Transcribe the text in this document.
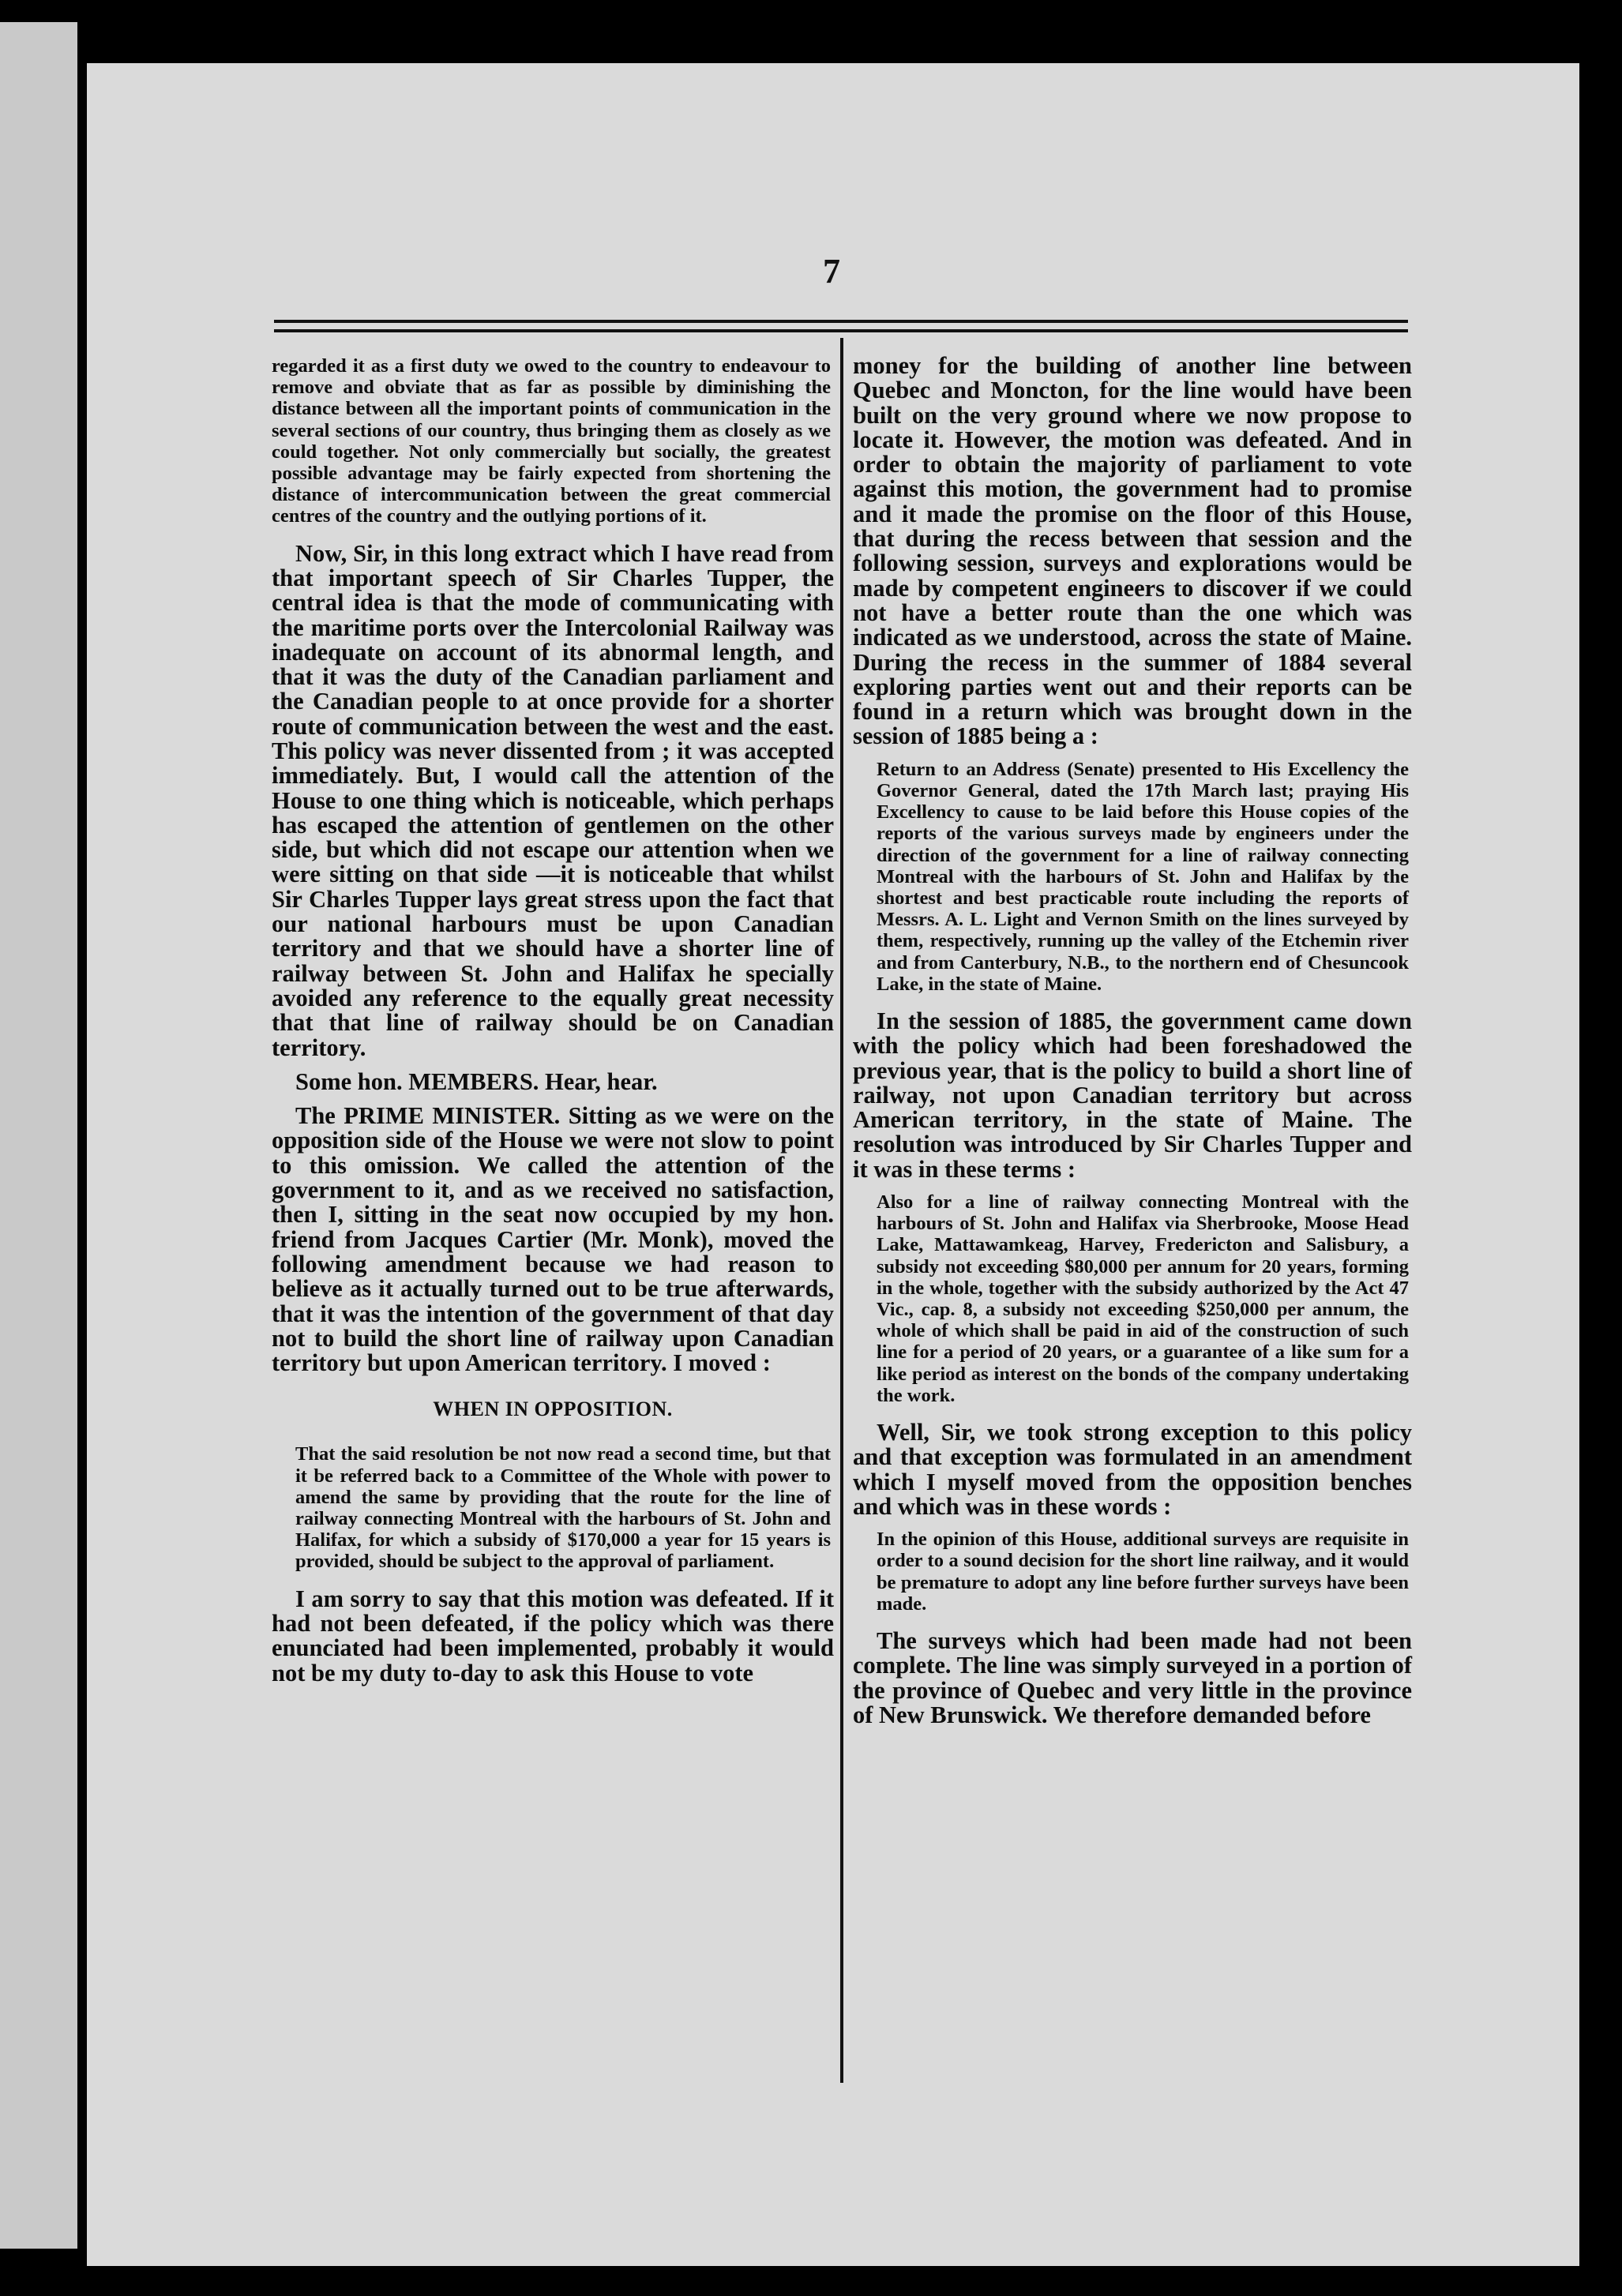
7

regarded it as a first duty we owed to the country to endeavour to remove and obviate that as far as possible by diminishing the distance between all the important points of communication in the several sections of our country, thus bringing them as closely as we could together. Not only commercially but socially, the greatest possible advantage may be fairly expected from shortening the distance of intercommunication between the great commercial centres of the country and the outlying portions of it.

Now, Sir, in this long extract which I have read from that important speech of Sir Charles Tupper, the central idea is that the mode of communicating with the maritime ports over the Intercolonial Railway was inadequate on account of its abnormal length, and that it was the duty of the Canadian parliament and the Canadian people to at once provide for a shorter route of communication between the west and the east. This policy was never dissented from ; it was accepted immediately. But, I would call the attention of the House to one thing which is noticeable, which perhaps has escaped the attention of gentlemen on the other side, but which did not escape our attention when we were sitting on that side —it is noticeable that whilst Sir Charles Tupper lays great stress upon the fact that our national harbours must be upon Canadian territory and that we should have a shorter line of railway between St. John and Halifax he specially avoided any reference to the equally great necessity that that line of railway should be on Canadian territory.

Some hon. MEMBERS. Hear, hear.

The PRIME MINISTER. Sitting as we were on the opposition side of the House we were not slow to point to this omission. We called the attention of the government to it, and as we received no satisfaction, then I, sitting in the seat now occupied by my hon. friend from Jacques Cartier (Mr. Monk), moved the following amendment because we had reason to believe as it actually turned out to be true afterwards, that it was the intention of the government of that day not to build the short line of railway upon Canadian territory but upon American territory. I moved :

WHEN IN OPPOSITION.

That the said resolution be not now read a second time, but that it be referred back to a Committee of the Whole with power to amend the same by providing that the route for the line of railway connecting Montreal with the harbours of St. John and Halifax, for which a subsidy of $170,000 a year for 15 years is provided, should be subject to the approval of parliament.

I am sorry to say that this motion was defeated. If it had not been defeated, if the policy which was there enunciated had been implemented, probably it would not be my duty to-day to ask this House to vote

money for the building of another line between Quebec and Moncton, for the line would have been built on the very ground where we now propose to locate it. However, the motion was defeated. And in order to obtain the majority of parliament to vote against this motion, the government had to promise and it made the promise on the floor of this House, that during the recess between that session and the following session, surveys and explorations would be made by competent engineers to discover if we could not have a better route than the one which was indicated as we understood, across the state of Maine. During the recess in the summer of 1884 several exploring parties went out and their reports can be found in a return which was brought down in the session of 1885 being a :

Return to an Address (Senate) presented to His Excellency the Governor General, dated the 17th March last; praying His Excellency to cause to be laid before this House copies of the reports of the various surveys made by engineers under the direction of the government for a line of railway connecting Montreal with the harbours of St. John and Halifax by the shortest and best practicable route including the reports of Messrs. A. L. Light and Vernon Smith on the lines surveyed by them, respectively, running up the valley of the Etchemin river and from Canterbury, N.B., to the northern end of Chesuncook Lake, in the state of Maine.

In the session of 1885, the government came down with the policy which had been foreshadowed the previous year, that is the policy to build a short line of railway, not upon Canadian territory but across American territory, in the state of Maine. The resolution was introduced by Sir Charles Tupper and it was in these terms :

Also for a line of railway connecting Montreal with the harbours of St. John and Halifax via Sherbrooke, Moose Head Lake, Mattawamkeag, Harvey, Fredericton and Salisbury, a subsidy not exceeding $80,000 per annum for 20 years, forming in the whole, together with the subsidy authorized by the Act 47 Vic., cap. 8, a subsidy not exceeding $250,000 per annum, the whole of which shall be paid in aid of the construction of such line for a period of 20 years, or a guarantee of a like sum for a like period as interest on the bonds of the company undertaking the work.

Well, Sir, we took strong exception to this policy and that exception was formulated in an amendment which I myself moved from the opposition benches and which was in these words :

In the opinion of this House, additional surveys are requisite in order to a sound decision for the short line railway, and it would be premature to adopt any line before further surveys have been made.

The surveys which had been made had not been complete. The line was simply surveyed in a portion of the province of Quebec and very little in the province of New Brunswick. We therefore demanded before
